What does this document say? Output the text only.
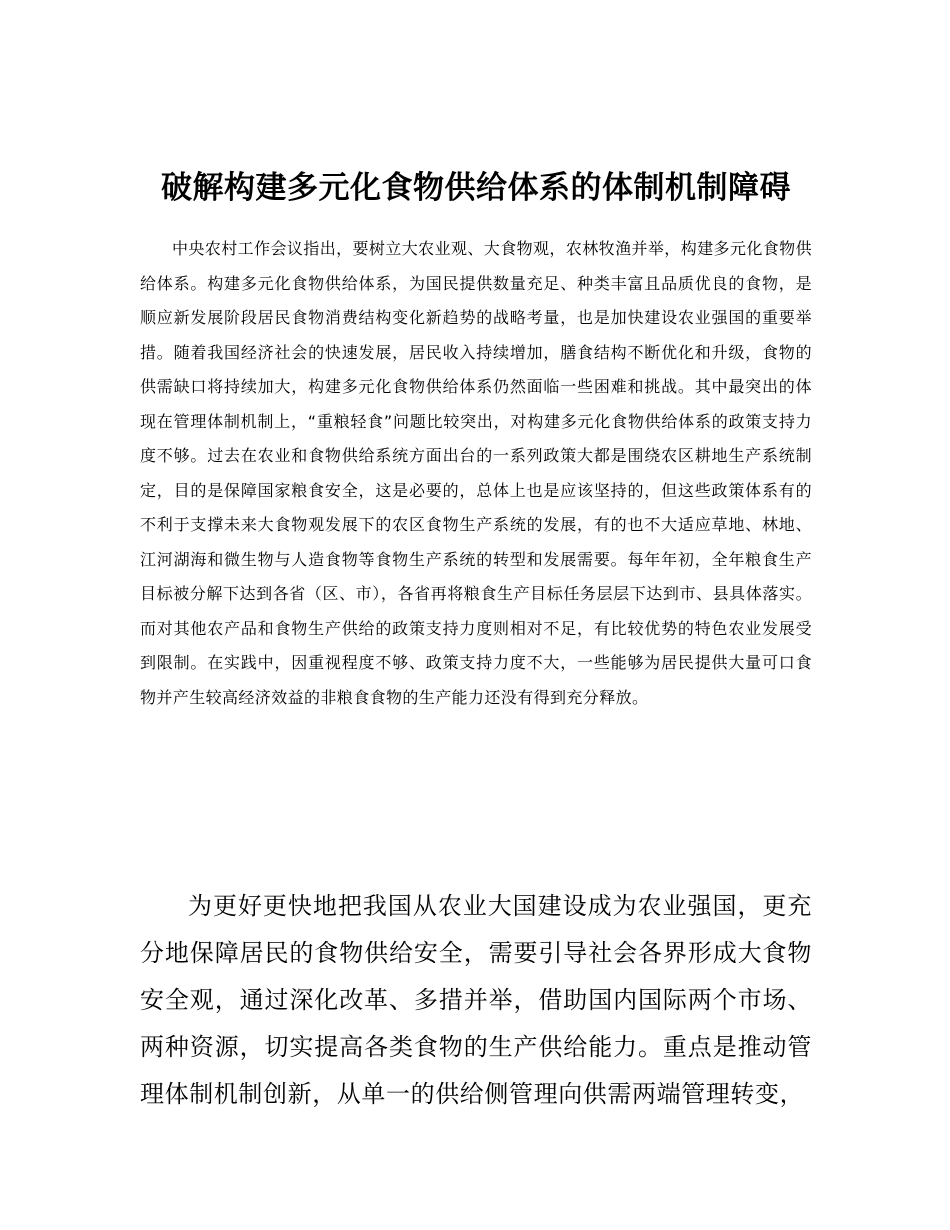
破解构建多元化食物供给体系的体制机制障碍

中央农村工作会议指出，要树立大农业观、大食物观，农林牧渔并举，构建多元化食物供给体系。构建多元化食物供给体系，为国民提供数量充足、种类丰富且品质优良的食物，是顺应新发展阶段居民食物消费结构变化新趋势的战略考量，也是加快建设农业强国的重要举措。随着我国经济社会的快速发展，居民收入持续增加，膳食结构不断优化和升级，食物的供需缺口将持续加大，构建多元化食物供给体系仍然面临一些困难和挑战。其中最突出的体现在管理体制机制上，“重粮轻食”问题比较突出，对构建多元化食物供给体系的政策支持力度不够。过去在农业和食物供给系统方面出台的一系列政策大都是围绕农区耕地生产系统制定，目的是保障国家粮食安全，这是必要的，总体上也是应该坚持的，但这些政策体系有的不利于支撑未来大食物观发展下的农区食物生产系统的发展，有的也不大适应草地、林地、江河湖海和微生物与人造食物等食物生产系统的转型和发展需要。每年年初，全年粮食生产目标被分解下达到各省（区、市），各省再将粮食生产目标任务层层下达到市、县具体落实。而对其他农产品和食物生产供给的政策支持力度则相对不足，有比较优势的特色农业发展受到限制。在实践中，因重视程度不够、政策支持力度不大，一些能够为居民提供大量可口食物并产生较高经济效益的非粮食食物的生产能力还没有得到充分释放。

为更好更快地把我国从农业大国建设成为农业强国，更充分地保障居民的食物供给安全，需要引导社会各界形成大食物安全观，通过深化改革、多措并举，借助国内国际两个市场、两种资源，切实提高各类食物的生产供给能力。重点是推动管理体制机制创新，从单一的供给侧管理向供需两端管理转变，
